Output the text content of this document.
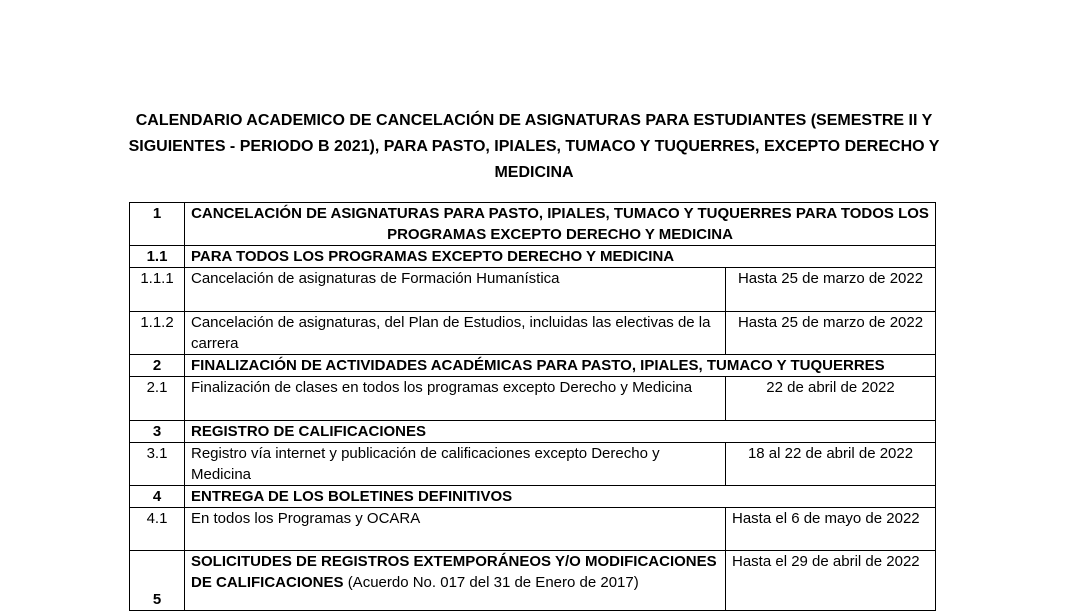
CALENDARIO ACADEMICO DE CANCELACIÓN DE ASIGNATURAS PARA ESTUDIANTES (SEMESTRE II Y SIGUIENTES - PERIODO B 2021), PARA PASTO, IPIALES, TUMACO Y TUQUERRES, EXCEPTO DERECHO Y MEDICINA
1	CANCELACIÓN DE ASIGNATURAS PARA PASTO, IPIALES, TUMACO Y TUQUERRES PARA TODOS LOS PROGRAMAS EXCEPTO DERECHO Y MEDICINA	
1.1	PARA TODOS LOS PROGRAMAS EXCEPTO DERECHO Y MEDICINA	
1.1.1	Cancelación de asignaturas de Formación Humanística	Hasta 25 de marzo de 2022
1.1.2	Cancelación de asignaturas, del Plan de Estudios, incluidas las electivas de la carrera	Hasta 25 de marzo de 2022
2	FINALIZACIÓN DE ACTIVIDADES ACADÉMICAS PARA PASTO, IPIALES, TUMACO Y TUQUERRES	
2.1	Finalización de clases en todos los programas excepto Derecho y Medicina	22 de abril de 2022
3	REGISTRO DE CALIFICACIONES	
3.1	Registro vía internet y publicación de calificaciones excepto Derecho y Medicina	18 al 22 de abril de 2022
4	ENTREGA DE LOS BOLETINES DEFINITIVOS	
4.1	En todos los Programas y OCARA	Hasta el 6 de mayo de 2022
5	SOLICITUDES DE REGISTROS EXTEMPORÁNEOS Y/O MODIFICACIONES DE CALIFICACIONES (Acuerdo No. 017 del 31 de Enero de 2017)	Hasta el 29 de abril de 2022
